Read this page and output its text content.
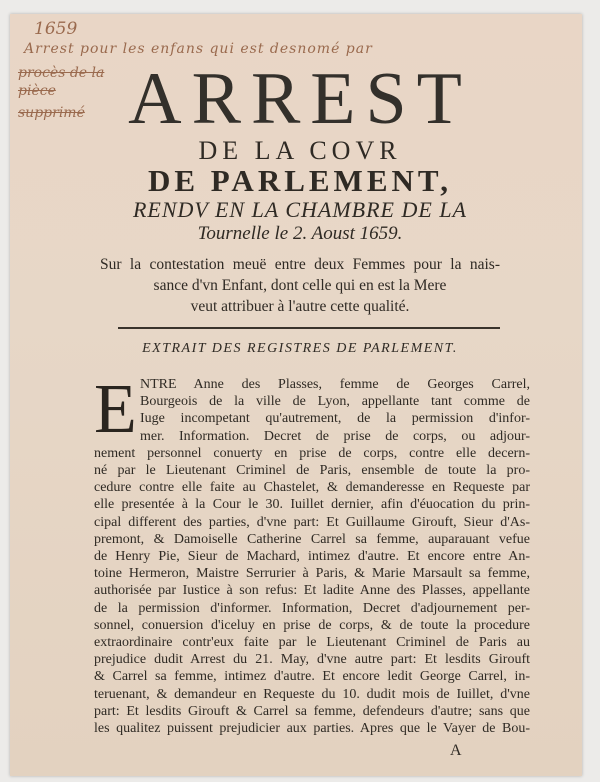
1659
Arrest pour les enfans qui est desnomé par
procès de la pièce
supprimé ARREST
DE LA COVR
DE PARLEMENT,
RENDV EN LA CHAMBRE DE LA
Tournelle le 2. Aoust 1659.
Sur la contestation meuë entre deux Femmes pour la nais-
sance d'vn Enfant, dont celle qui en est la Mere
veut attribuer à l'autre cette qualité.
EXTRAIT DES REGISTRES DE PARLEMENT.
E NTRE Anne des Plasses, femme de Georges Carrel,
Bourgeois de la ville de Lyon, appellante tant comme de
Iuge incompetant qu'autrement, de la permission d'infor-
mer. Information. Decret de prise de corps, ou adjour-
nement personnel conuerty en prise de corps, contre elle decern-
né par le Lieutenant Criminel de Paris, ensemble de toute la pro-
cedure contre elle faite au Chastelet, & demanderesse en Requeste par
elle presentée à la Cour le 30. Iuillet dernier, afin d'éuocation du prin-
cipal different des parties, d'vne part: Et Guillaume Girouft, Sieur d'As-
premont, & Damoiselle Catherine Carrel sa femme, auparauant vefue
de Henry Pie, Sieur de Machard, intimez d'autre. Et encore entre An-
toine Hermeron, Maistre Serrurier à Paris, & Marie Marsault sa femme,
authorisée par Iustice à son refus: Et ladite Anne des Plasses, appellante
de la permission d'informer. Information, Decret d'adjournement per-
sonnel, conuersion d'iceluy en prise de corps, & de toute la procedure
extraordinaire contr'eux faite par le Lieutenant Criminel de Paris au
prejudice dudit Arrest du 21. May, d'vne autre part: Et lesdits Girouft
& Carrel sa femme, intimez d'autre. Et encore ledit George Carrel, in-
teruenant, & demandeur en Requeste du 10. dudit mois de Iuillet, d'vne
part: Et lesdits Girouft & Carrel sa femme, defendeurs d'autre; sans que
les qualitez puissent prejudicier aux parties. Apres que le Vayer de Bou-
A
